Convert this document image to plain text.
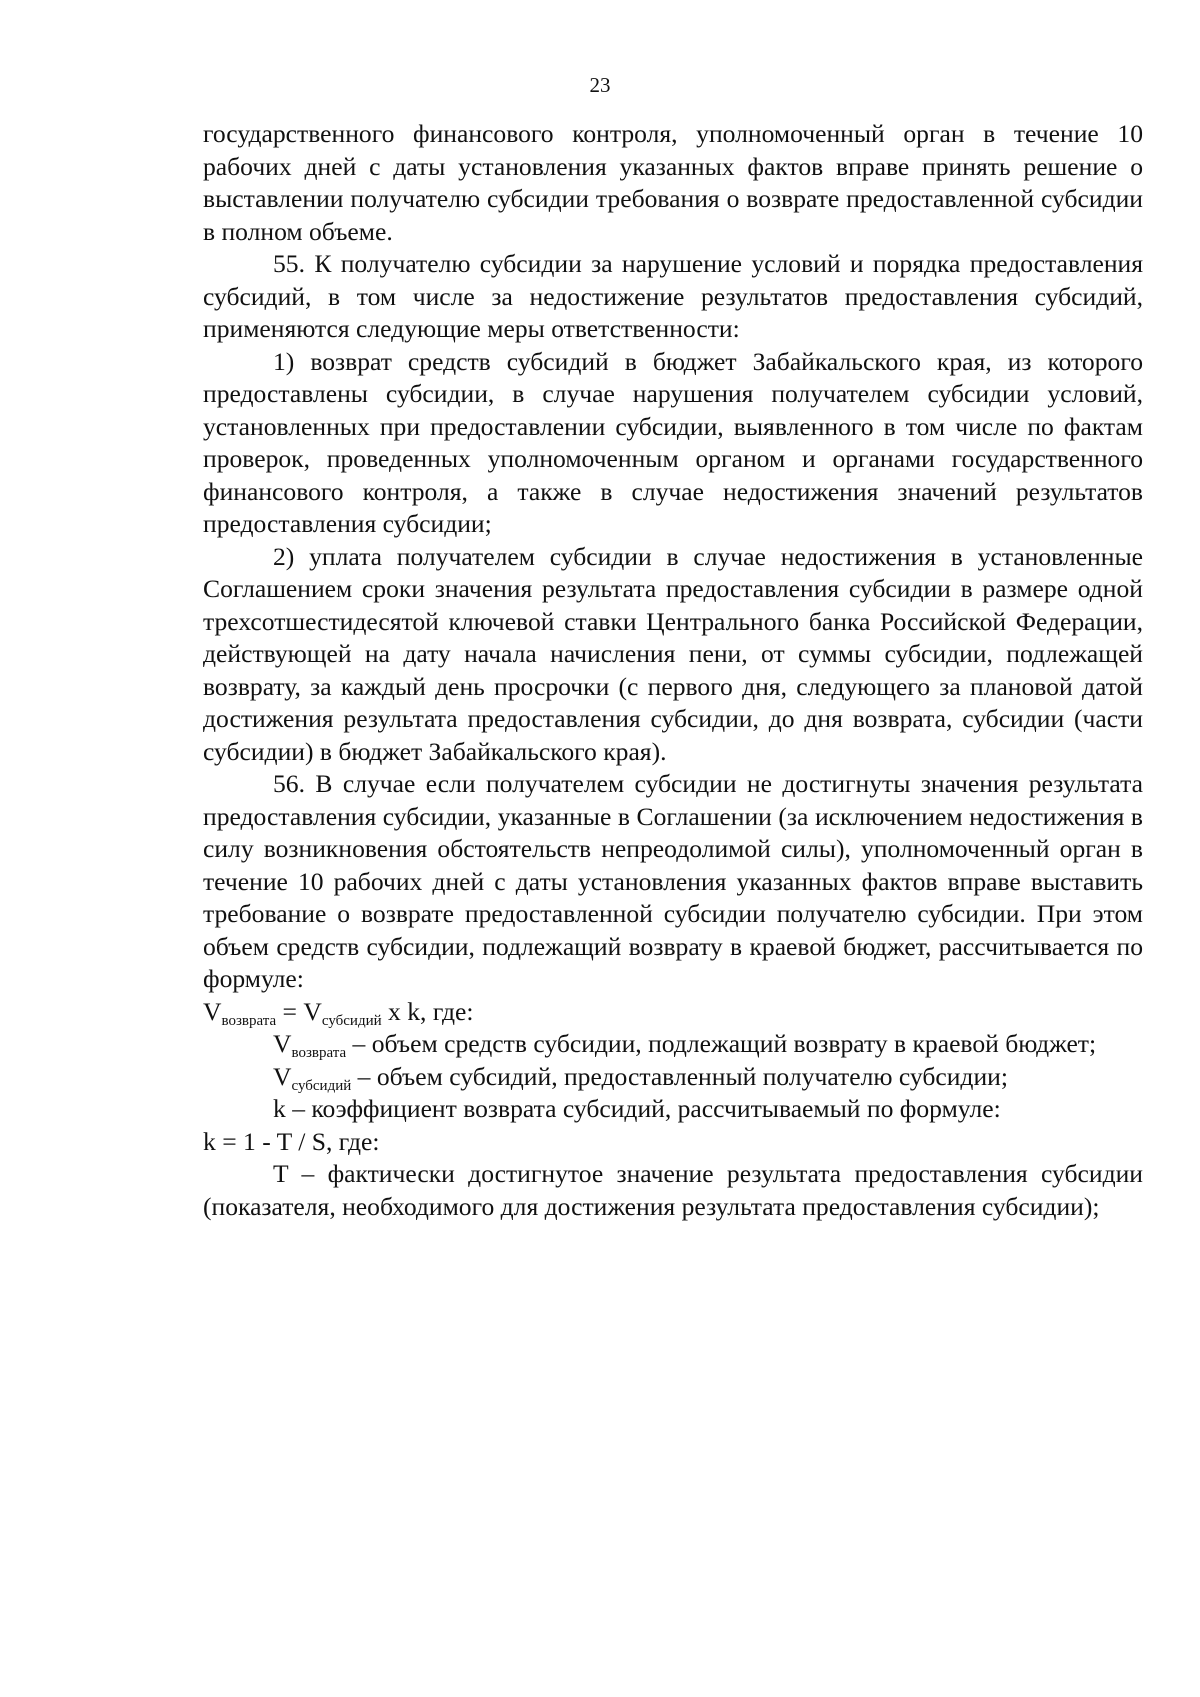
23

государственного финансового контроля, уполномоченный орган в течение 10 рабочих дней с даты установления указанных фактов вправе принять решение о выставлении получателю субсидии требования о возврате предоставленной субсидии в полном объеме.

55. К получателю субсидии за нарушение условий и порядка предоставления субсидий, в том числе за недостижение результатов предоставления субсидий, применяются следующие меры ответственности:

1) возврат средств субсидий в бюджет Забайкальского края, из которого предоставлены субсидии, в случае нарушения получателем субсидии условий, установленных при предоставлении субсидии, выявленного в том числе по фактам проверок, проведенных уполномоченным органом и органами государственного финансового контроля, а также в случае недостижения значений результатов предоставления субсидии;

2) уплата получателем субсидии в случае недостижения в установленные Соглашением сроки значения результата предоставления субсидии в размере одной трехсотшестидесятой ключевой ставки Центрального банка Российской Федерации, действующей на дату начала начисления пени, от суммы субсидии, подлежащей возврату, за каждый день просрочки (с первого дня, следующего за плановой датой достижения результата предоставления субсидии, до дня возврата, субсидии (части субсидии) в бюджет Забайкальского края).

56. В случае если получателем субсидии не достигнуты значения результата предоставления субсидии, указанные в Соглашении (за исключением недостижения в силу возникновения обстоятельств непреодолимой силы), уполномоченный орган в течение 10 рабочих дней с даты установления указанных фактов вправе выставить требование о возврате предоставленной субсидии получателю субсидии. При этом объем средств субсидии, подлежащий возврату в краевой бюджет, рассчитывается по формуле:

$V_{возврата} = V_{субсидий}$ x k, где:

$V_{возврата}$ – объем средств субсидии, подлежащий возврату в краевой бюджет;

$V_{субсидий}$ – объем субсидий, предоставленный получателю субсидии;

k – коэффициент возврата субсидий, рассчитываемый по формуле:

k = 1 - T / S, где:

T – фактически достигнутое значение результата предоставления субсидии (показателя, необходимого для достижения результата предоставления субсидии);
